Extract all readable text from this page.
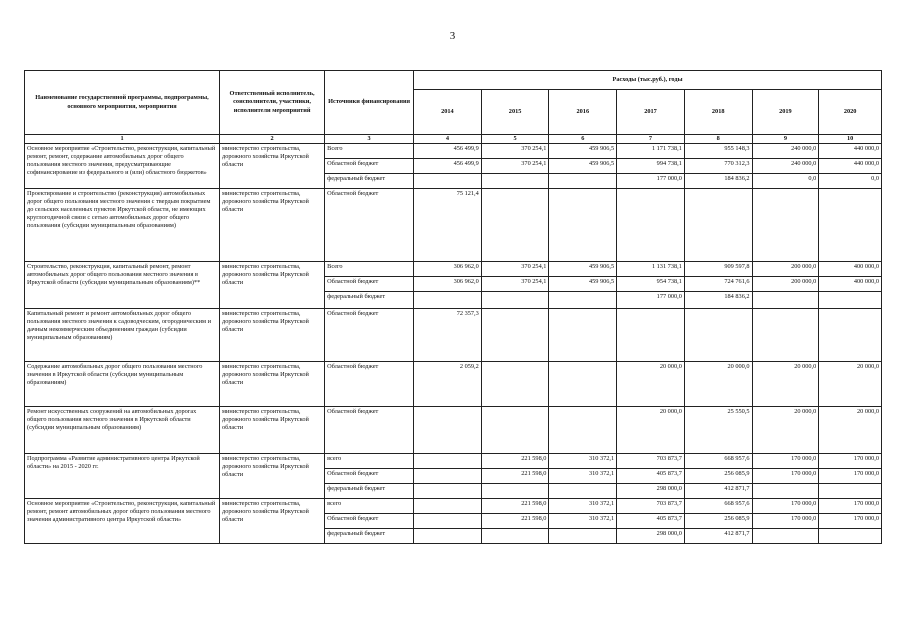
3
Наименование государственной программы, подпрограммы, основного мероприятия, мероприятия	Ответственный исполнитель, соисполнители, участники, исполнители мероприятий	Источники финансирования	Расходы (тыс.руб.), годы						
			2014	2015	2016	2017	2018	2019	2020
1	2	3	4	5	6	7	8	9	10
Основное мероприятие «Строительство, реконструкция, капитальный ремонт, ремонт, содержание автомобильных дорог общего пользования местного значения, предусматривающие софинансирование из федерального и (или) областного бюджетов»	министерство строительства, дорожного хозяйства Иркутской области	Всего	456 499,9	370 254,1	459 906,5	1 171 738,1	955 148,3	240 000,0	440 000,0
		Областной бюджет	456 499,9	370 254,1	459 906,5	994 738,1	770 312,3	240 000,0	440 000,0
		федеральный бюджет				177 000,0	184 836,2	0,0	0,0
Проектирование и строительство (реконструкция) автомобильных дорог общего пользования местного значения с твердым покрытием до сельских населенных пунктов Иркутской области, не имеющих круглогодичной связи с сетью автомобильных дорог общего пользования (субсидии муниципальным образованиям)	министерство строительства, дорожного хозяйства Иркутской области	Областной бюджет	75 121,4						
Строительство, реконструкция, капитальный ремонт, ремонт автомобильных дорог общего пользования местного значения в Иркутской области (субсидии муниципальным образованиям)**	министерство строительства, дорожного хозяйства Иркутской области	Всего	306 962,0	370 254,1	459 906,5	1 131 738,1	909 597,8	200 000,0	400 000,0
		Областной бюджет	306 962,0	370 254,1	459 906,5	954 738,1	724 761,6	200 000,0	400 000,0
		федеральный бюджет				177 000,0	184 836,2		
Капитальный ремонт и ремонт автомобильных дорог общего пользования местного значения к садоводческим, огородническим и дачным некоммерческим объединениям граждан (субсидии муниципальным образованиям)	министерство строительства, дорожного хозяйства Иркутской области	Областной бюджет	72 357,3						
Содержание автомобильных дорог общего пользования местного значения в Иркутской области (субсидии муниципальным образованиям)	министерство строительства, дорожного хозяйства Иркутской области	Областной бюджет	2 059,2			20 000,0	20 000,0	20 000,0	20 000,0
Ремонт искусственных сооружений на автомобильных дорогах общего пользования местного значения в Иркутской области (субсидии муниципальным образованиям)	министерство строительства, дорожного хозяйства Иркутской области	Областной бюджет				20 000,0	25 550,5	20 000,0	20 000,0
Подпрограмма «Развитие административного центра Иркутской области» на 2015 - 2020 гг.	министерство строительства, дорожного хозяйства Иркутской области	всего		221 598,0	310 372,1	703 873,7	668 957,6	170 000,0	170 000,0
		Областной бюджет		221 598,0	310 372,1	405 873,7	256 085,9	170 000,0	170 000,0
		федеральный бюджет				298 000,0	412 871,7		
Основное мероприятие «Строительство, реконструкция, капитальный ремонт, ремонт автомобильных дорог общего пользования местного значения административного центра Иркутской области»	министерство строительства, дорожного хозяйства Иркутской области	всего		221 598,0	310 372,1	703 873,7	668 957,6	170 000,0	170 000,0
		Областной бюджет		221 598,0	310 372,1	405 873,7	256 085,9	170 000,0	170 000,0
		федеральный бюджет				298 000,0	412 871,7		
